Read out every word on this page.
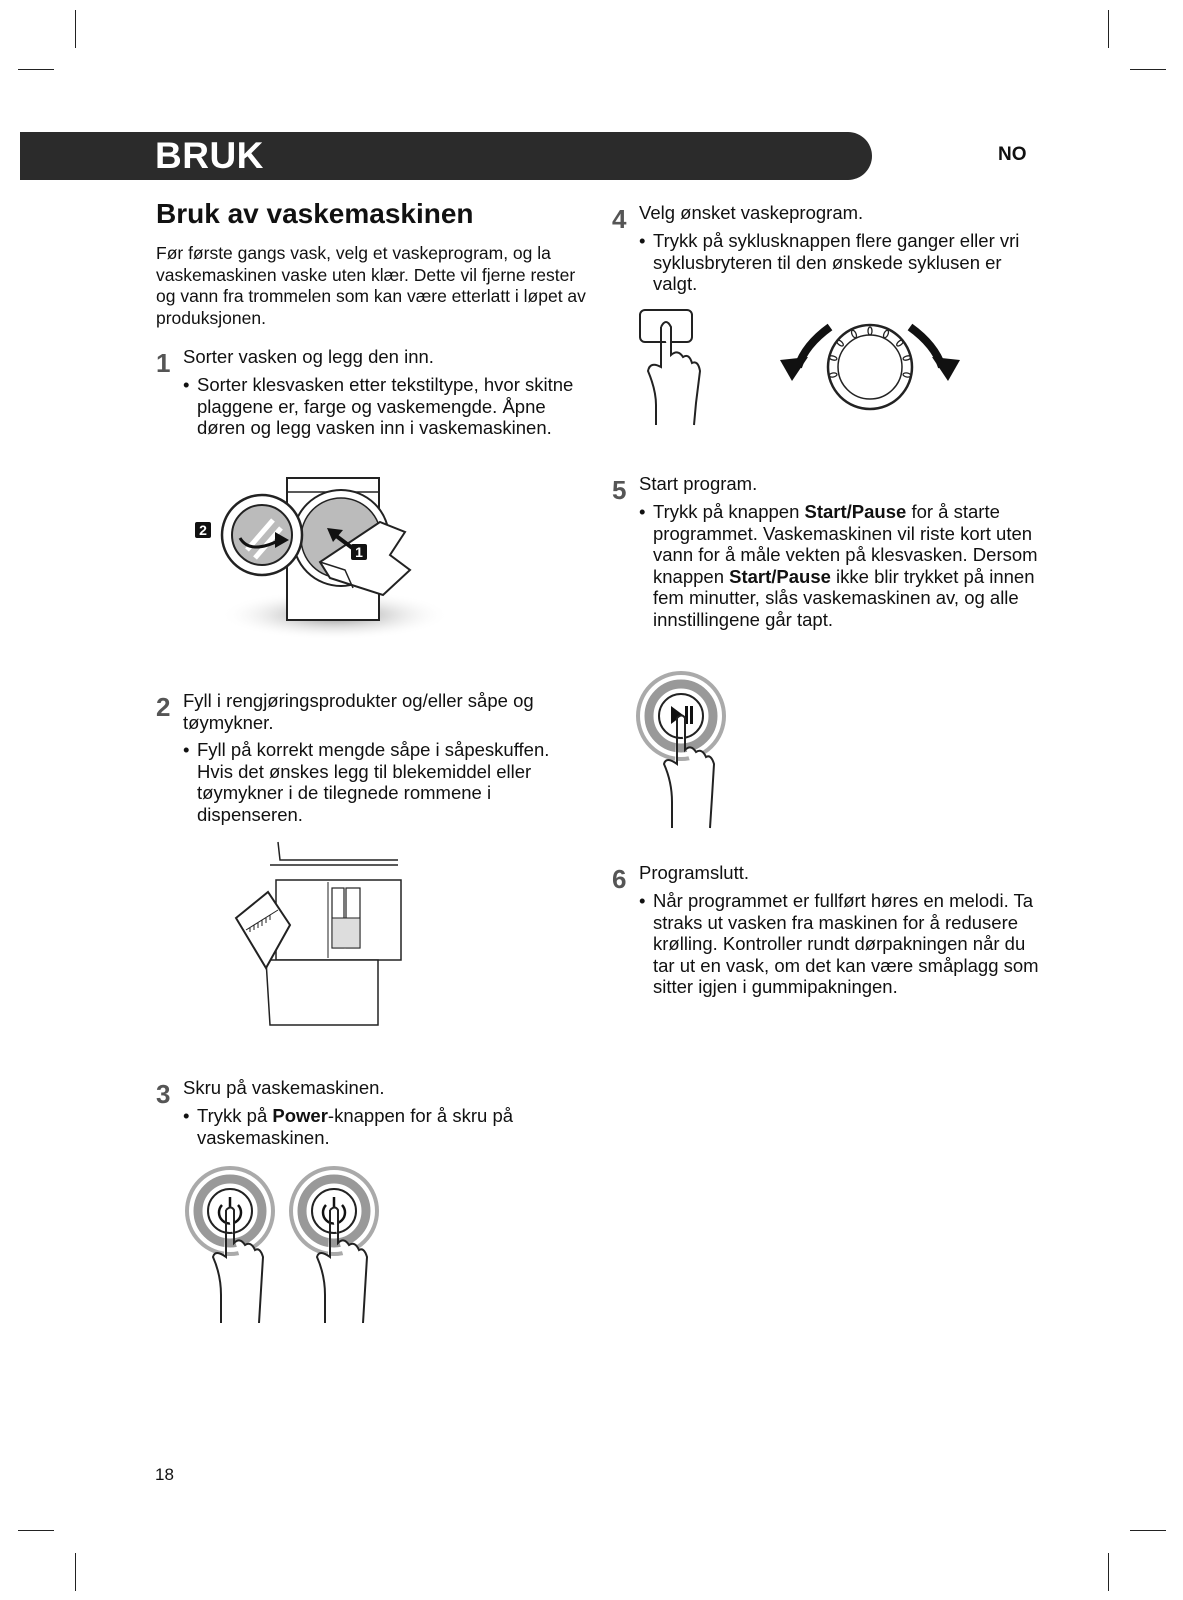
BRUK	NO
Bruk av vaskemaskinen
Før første gangs vask, velg et vaskeprogram, og la vaskemaskinen vaske uten klær. Dette vil fjerne rester og vann fra trommelen som kan være etterlatt i løpet av produksjonen.
1 Sorter vasken og legg den inn.
• Sorter klesvasken etter tekstiltype, hvor skitne plaggene er, farge og vaskemengde. Åpne døren og legg vasken inn i vaskemaskinen.
2
1
2 Fyll i rengjøringsprodukter og/eller såpe og tøymykner.
• Fyll på korrekt mengde såpe i såpeskuffen. Hvis det ønskes legg til blekemiddel eller tøymykner i de tilegnede rommene i dispenseren.
3 Skru på vaskemaskinen.
• Trykk på Power-knappen for å skru på vaskemaskinen.
4 Velg ønsket vaskeprogram.
• Trykk på syklusknappen flere ganger eller vri syklusbryteren til den ønskede syklusen er valgt.
5 Start program.
• Trykk på knappen Start/Pause for å starte programmet. Vaskemaskinen vil riste kort uten vann for å måle vekten på klesvasken. Dersom knappen Start/Pause ikke blir trykket på innen fem minutter, slås vaskemaskinen av, og alle innstillingene går tapt.
6 Programslutt.
• Når programmet er fullført høres en melodi. Ta straks ut vasken fra maskinen for å redusere krølling. Kontroller rundt dørpakningen når du tar ut en vask, om det kan være småplagg som sitter igjen i gummipakningen.
18
